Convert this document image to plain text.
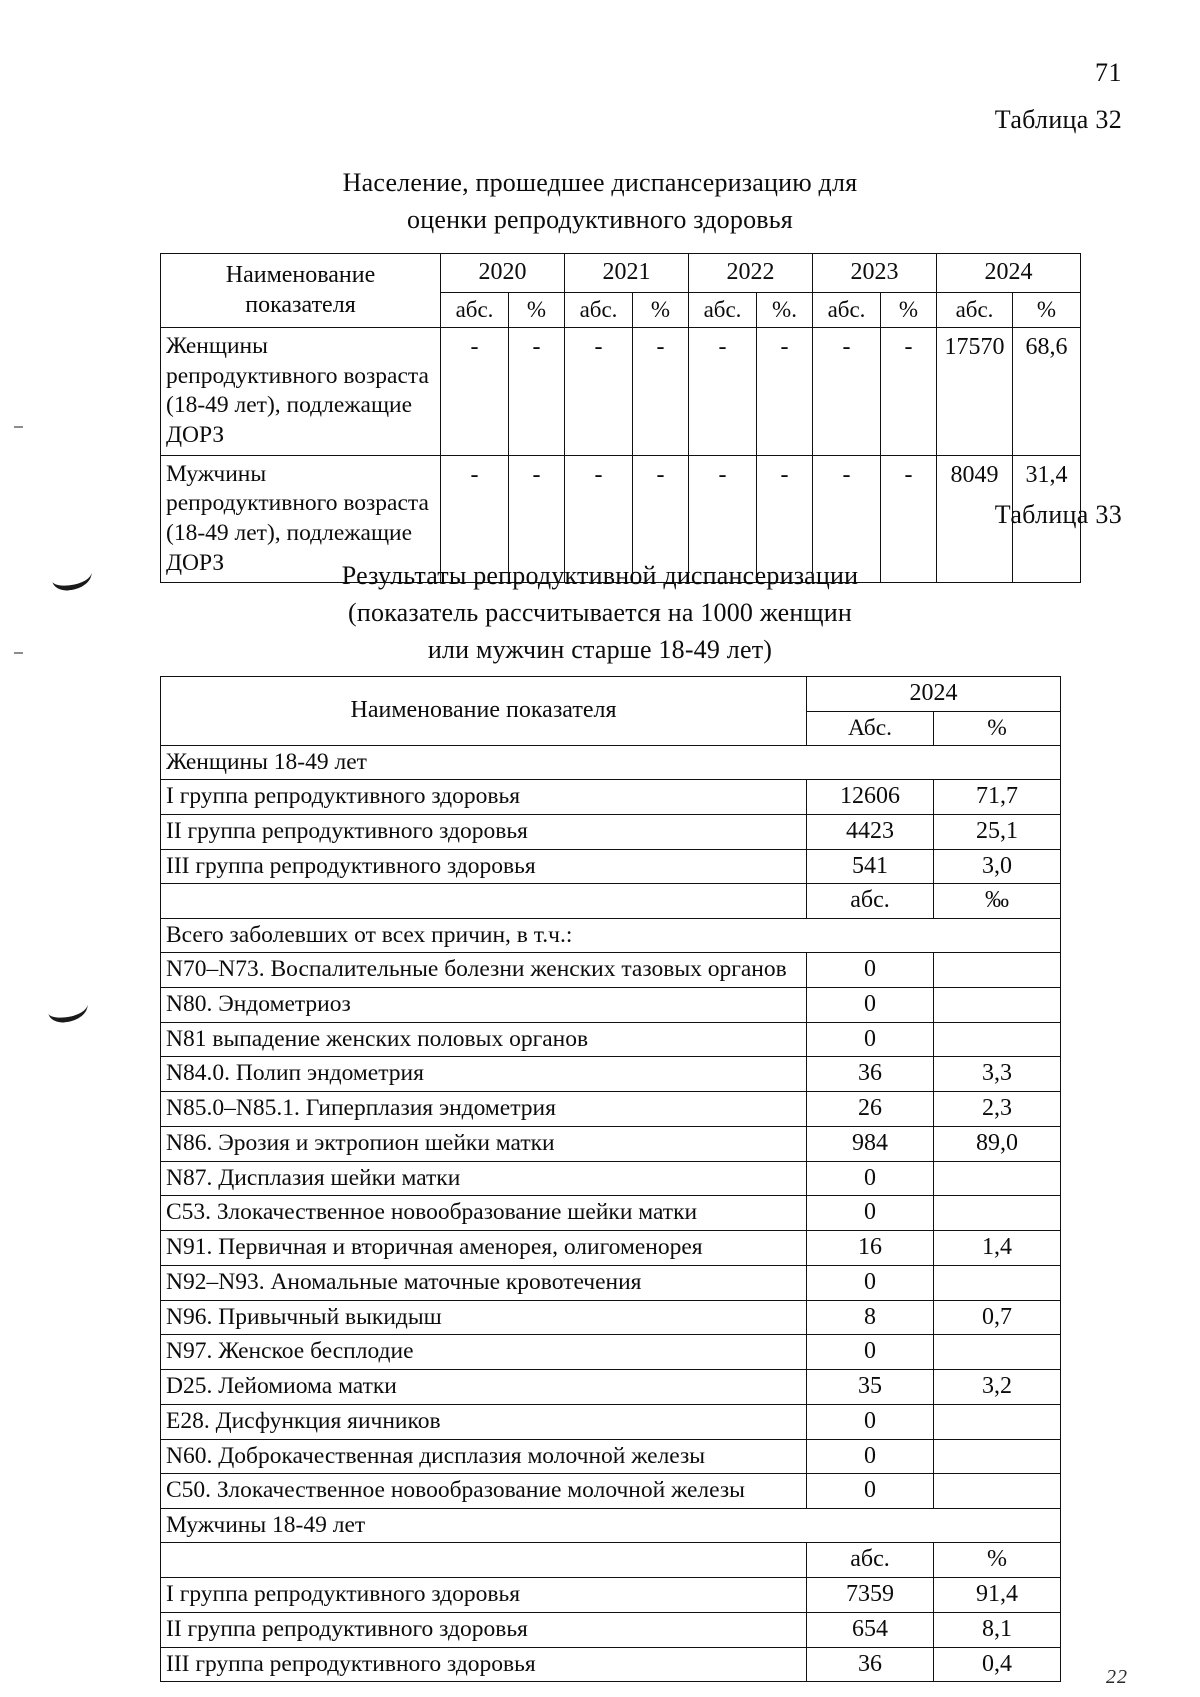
71
Таблица 32
Население, прошедшее диспансеризацию для
оценки репродуктивного здоровья
Наименование показателя	2020		2021		2022		2023		2024	
	абс.	%	абс.	%	абс.	%.	абс.	%	абс.	%
Женщины репродуктивного возраста (18-49 лет), подлежащие ДОРЗ	-	-	-	-	-	-	-	-	17570	68,6
Мужчины репродуктивного возраста (18-49 лет), подлежащие ДОРЗ	-	-	-	-	-	-	-	-	8049	31,4
Таблица 33
Результаты репродуктивной диспансеризации
(показатель рассчитывается на 1000 женщин
или мужчин старше 18-49 лет)
Наименование показателя	2024	
	Абс.	%
Женщины 18-49 лет		
I группа репродуктивного здоровья	12606	71,7
II группа репродуктивного здоровья	4423	25,1
III группа репродуктивного здоровья	541	3,0
	абс.	‰
Всего заболевших от всех причин, в т.ч.:		
N70–N73. Воспалительные болезни женских тазовых органов	0	
N80. Эндометриоз	0	
N81 выпадение женских половых органов	0	
N84.0. Полип эндометрия	36	3,3
N85.0–N85.1. Гиперплазия эндометрия	26	2,3
N86. Эрозия и эктропион шейки матки	984	89,0
N87. Дисплазия шейки матки	0	
C53. Злокачественное новообразование шейки матки	0	
N91. Первичная и вторичная аменорея, олигоменорея	16	1,4
N92–N93. Аномальные маточные кровотечения	0	
N96. Привычный выкидыш	8	0,7
N97. Женское бесплодие	0	
D25. Лейомиома матки	35	3,2
E28. Дисфункция яичников	0	
N60. Доброкачественная дисплазия молочной железы	0	
C50. Злокачественное новообразование молочной железы	0	
Мужчины 18-49 лет		
	абс.	%
I группа репродуктивного здоровья	7359	91,4
II группа репродуктивного здоровья	654	8,1
III группа репродуктивного здоровья	36	0,4
22
